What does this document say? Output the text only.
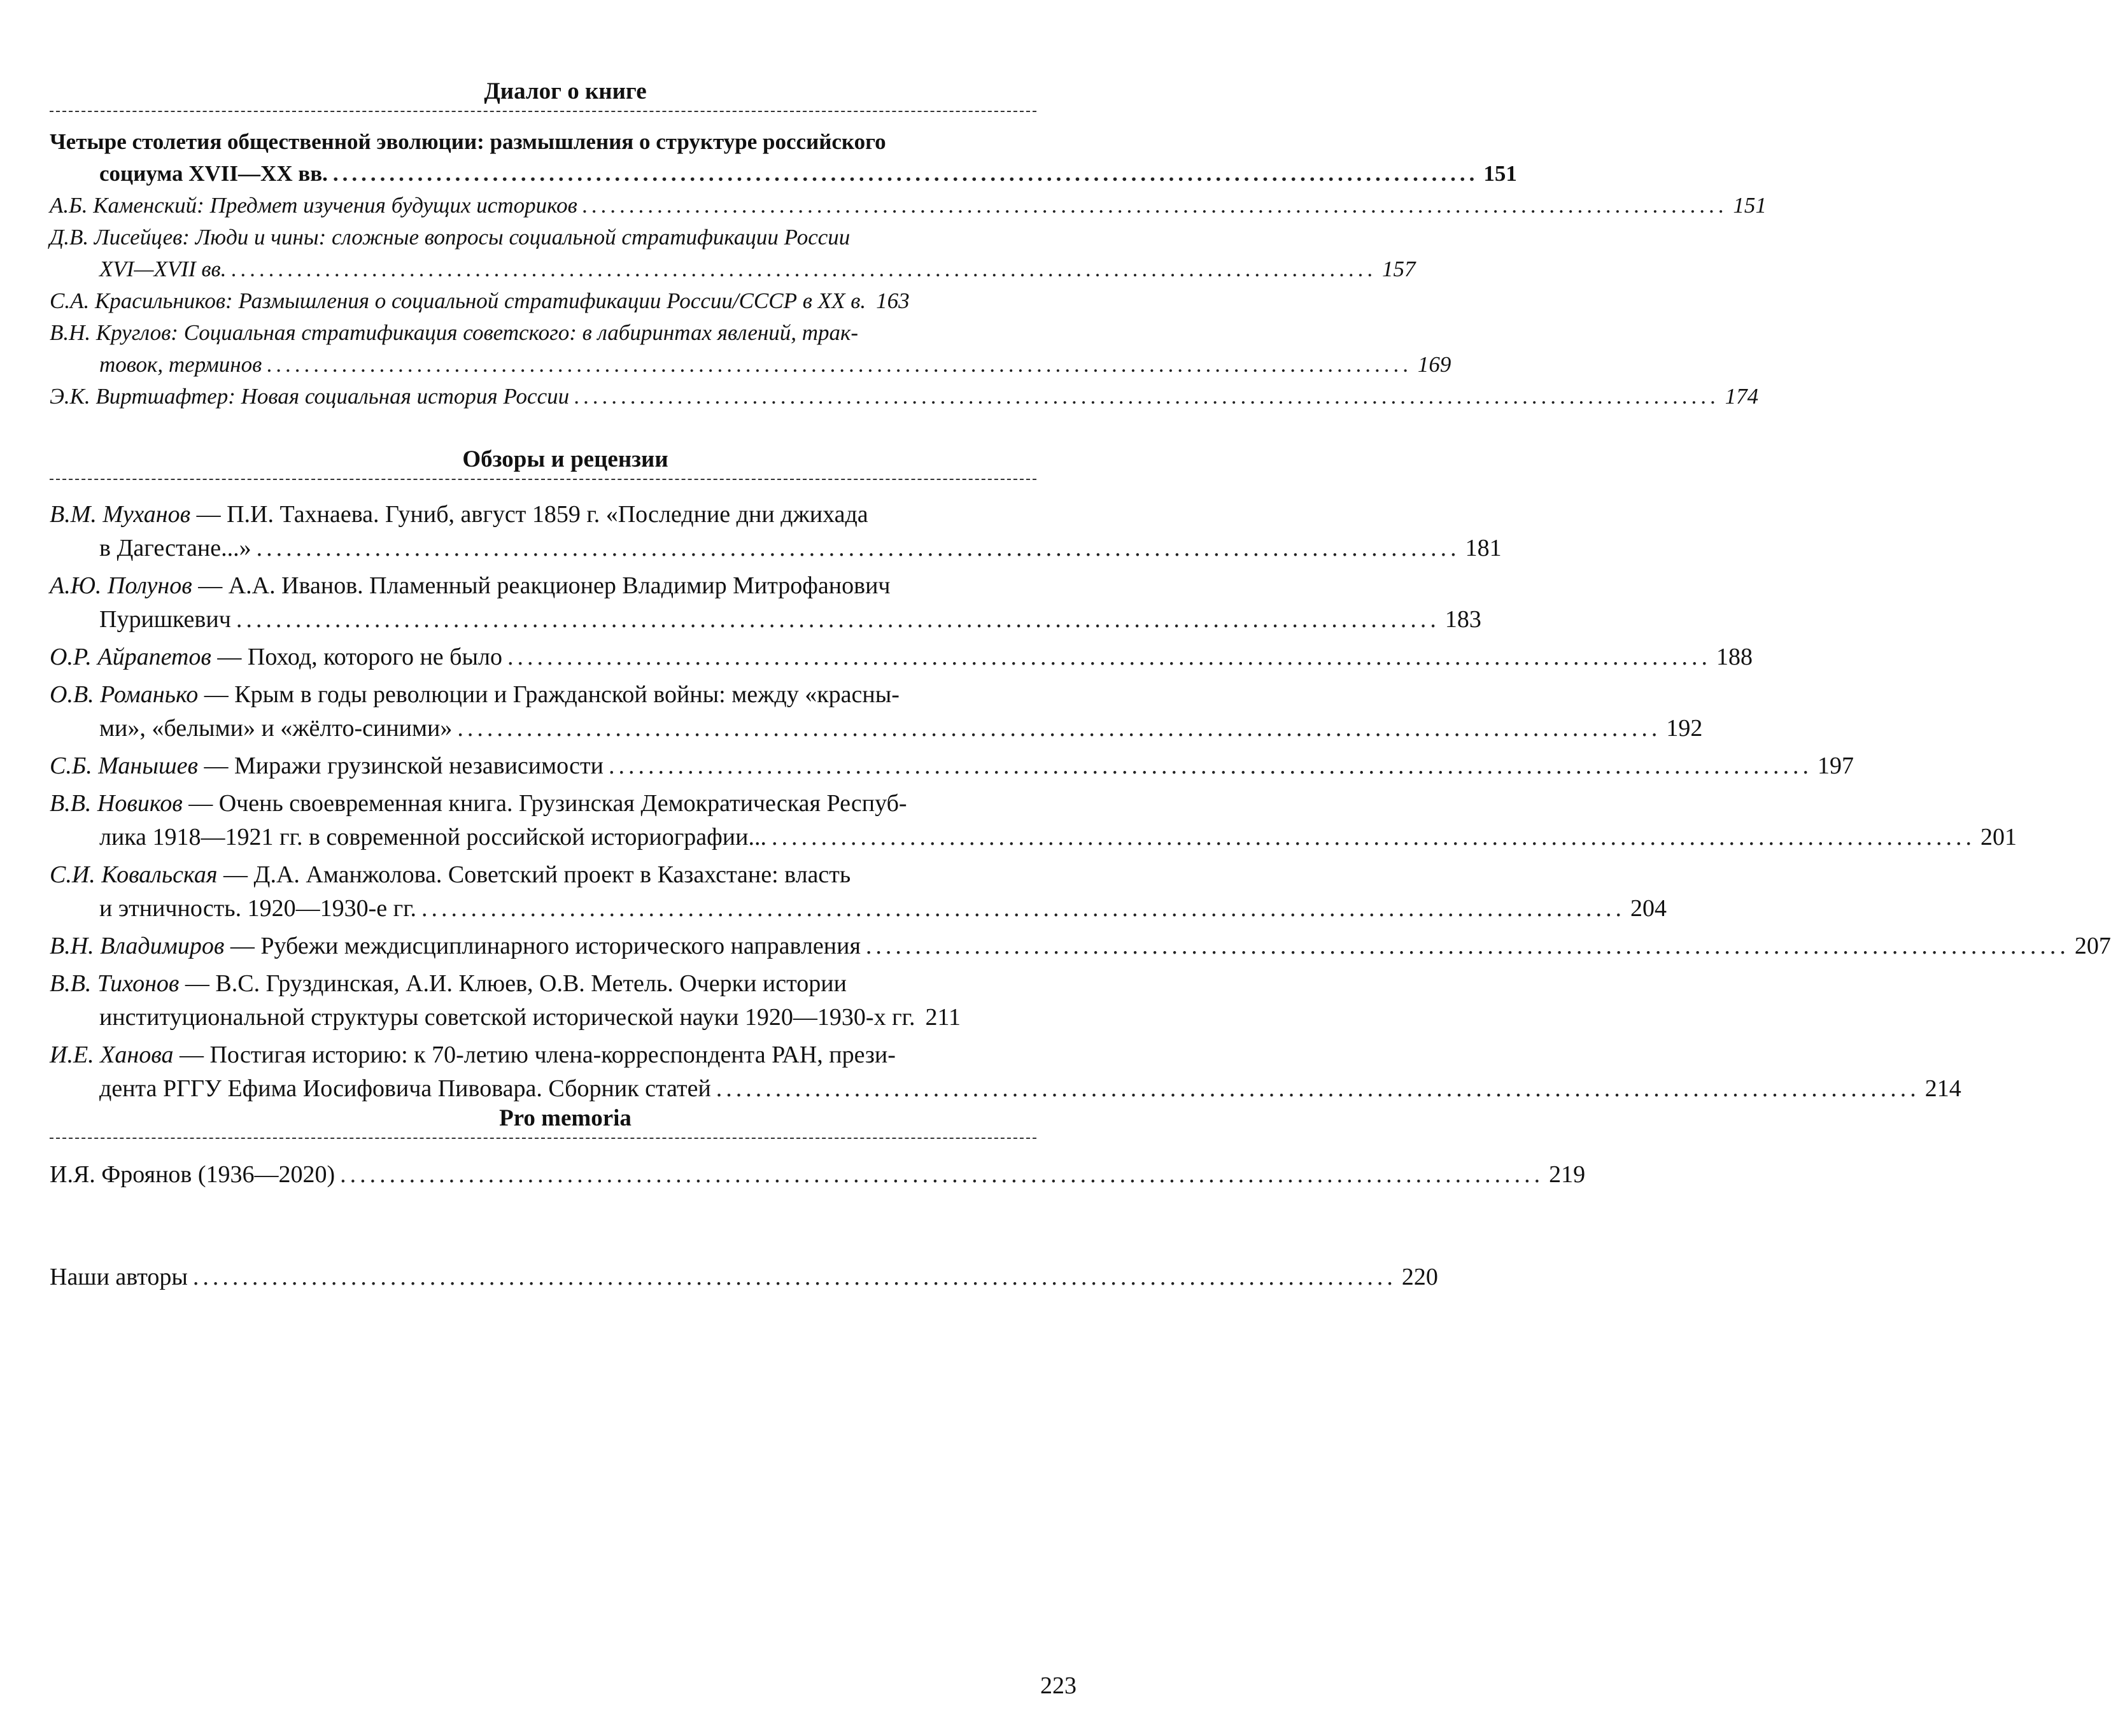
Диалог о книге
Четыре столетия общественной эволюции: размышления о структуре российского
социума XVII—XX вв. .......................................................................................................................... 151
А.Б. Каменский: Предмет изучения будущих историков .......................................................................................................................... 151
Д.В. Лисейцев: Люди и чины: сложные вопросы социальной стратификации России
XVI—XVII вв. .......................................................................................................................... 157
С.А. Красильников: Размышления о социальной стратификации России/СССР в XX в. 163
В.Н. Круглов: Социальная стратификация советского: в лабиринтах явлений, трак-
товок, терминов .......................................................................................................................... 169
Э.К. Виртшафтер: Новая социальная история России .......................................................................................................................... 174
Обзоры и рецензии
В.М. Муханов — П.И. Тахнаева. Гуниб, август 1859 г. «Последние дни джихада
в Дагестане...» .......................................................................................................................... 181
А.Ю. Полунов — А.А. Иванов. Пламенный реакционер Владимир Митрофанович
Пуришкевич .......................................................................................................................... 183
О.Р. Айрапетов — Поход, которого не было .......................................................................................................................... 188
О.В. Романько — Крым в годы революции и Гражданской войны: между «красны-
ми», «белыми» и «жёлто-синими» .......................................................................................................................... 192
С.Б. Манышев — Миражи грузинской независимости .......................................................................................................................... 197
В.В. Новиков — Очень своевременная книга. Грузинская Демократическая Респуб-
лика 1918—1921 гг. в современной российской историографии... .......................................................................................................................... 201
С.И. Ковальская — Д.А. Аманжолова. Советский проект в Казахстане: власть
и этничность. 1920—1930-е гг. .......................................................................................................................... 204
В.Н. Владимиров — Рубежи междисциплинарного исторического направления .......................................................................................................................... 207
В.В. Тихонов — В.С. Груздинская, А.И. Клюев, О.В. Метель. Очерки истории
институциональной структуры советской исторической науки 1920—1930-х гг. 211
И.Е. Ханова — Постигая историю: к 70-летию члена-корреспондента РАН, прези-
дента РГГУ Ефима Иосифовича Пивовара. Сборник статей .......................................................................................................................... 214
Pro memoria
И.Я. Фроянов (1936—2020) .......................................................................................................................... 219
Наши авторы .......................................................................................................................... 220
223
